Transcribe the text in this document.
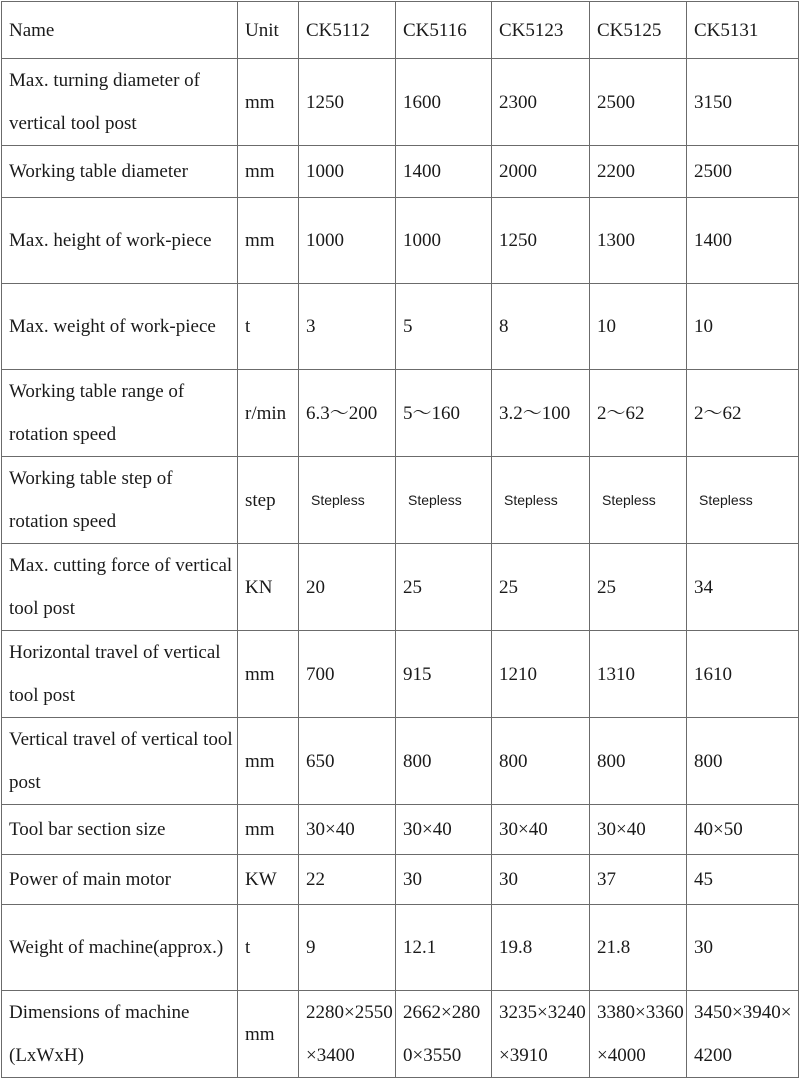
Name	Unit	CK5112	CK5116	CK5123	CK5125	CK5131
Max. turning diameter of vertical tool post	mm	1250	1600	2300	2500	3150
Working table diameter	mm	1000	1400	2000	2200	2500
Max. height of work-piece	mm	1000	1000	1250	1300	1400
Max. weight of work-piece	t	3	5	8	10	10
Working table range of rotation speed	r/min	6.3～200	5～160	3.2～100	2～62	2～62
Working table step of rotation speed	step	Stepless	Stepless	Stepless	Stepless	Stepless
Max. cutting force of vertical tool post	KN	20	25	25	25	34
Horizontal travel of vertical tool post	mm	700	915	1210	1310	1610
Vertical travel of vertical tool post	mm	650	800	800	800	800
Tool bar section size	mm	30×40	30×40	30×40	30×40	40×50
Power of main motor	KW	22	30	30	37	45
Weight of machine(approx.)	t	9	12.1	19.8	21.8	30
Dimensions of machine (LxWxH)	mm	2280×2550×3400	2662×2800×3550	3235×3240×3910	3380×3360×4000	3450×3940×4200
